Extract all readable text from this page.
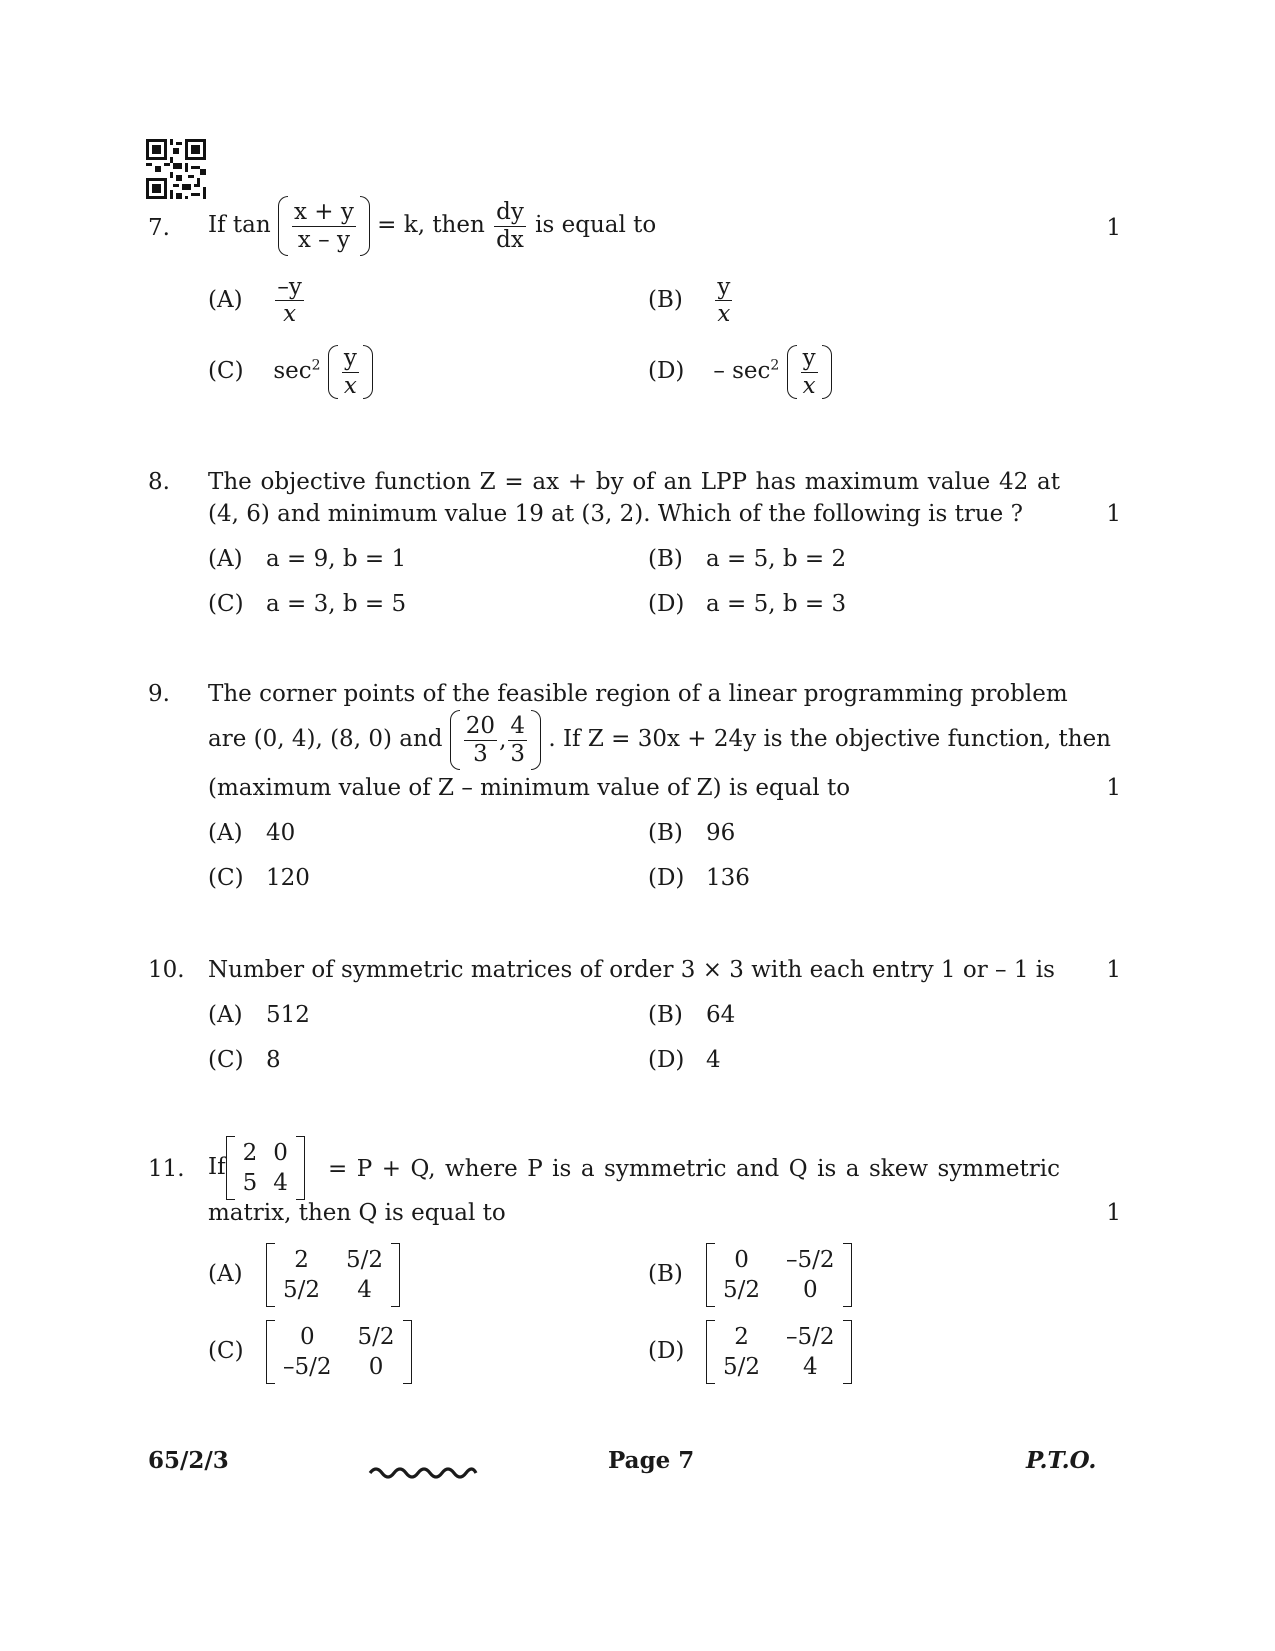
7. If $\tan \frac{x + y}{x - y} = k$, then $\frac{dy}{dx}$ is equal to	1
$(A) \frac{-y}{x}$	$(B) \frac{y}{x}$
(C) $\sec^2 \frac{y}{x}$	$(D) - \sec^2 \frac{y}{x}$
8. The objective function Z = ax + by of an LPP has maximum value 42 at
(4, 6) and minimum value 19 at (3, 2). Which of the following is true ?	1
(A) a = 9, b = 1	(B) a = 5, b = 2
(C) a = 3, b = 5	(D) a = 5, b = 3
9. The corner points of the feasible region of a linear programming problem
are (0, 4), (8, 0) and $\frac{20}{3}$ , $\frac{4}{3}$ . If Z = 30x + 24y is the objective function, then
(maximum value of Z – minimum value of Z) is equal to	1
(A) 40	(B) 96
(C) 120	(D) 136
10. Number of symmetric matrices of order 3 × 3 with each entry 1 or – 1 is 1
(A) 512	(B) 64
(C) 8	(D) 4
11. If
2 0
5 4
= P + Q, where P is a symmetric and Q is a skew symmetric
matrix, then Q is equal to	1
(A)
2	5/2
5/2	4
(B)
0	–5/2
5/2	0
(C)
0	5/2
–5/2	0
(D)
2	–5/2
5/2	4
65/2/3	Page 7	P.T.O.
